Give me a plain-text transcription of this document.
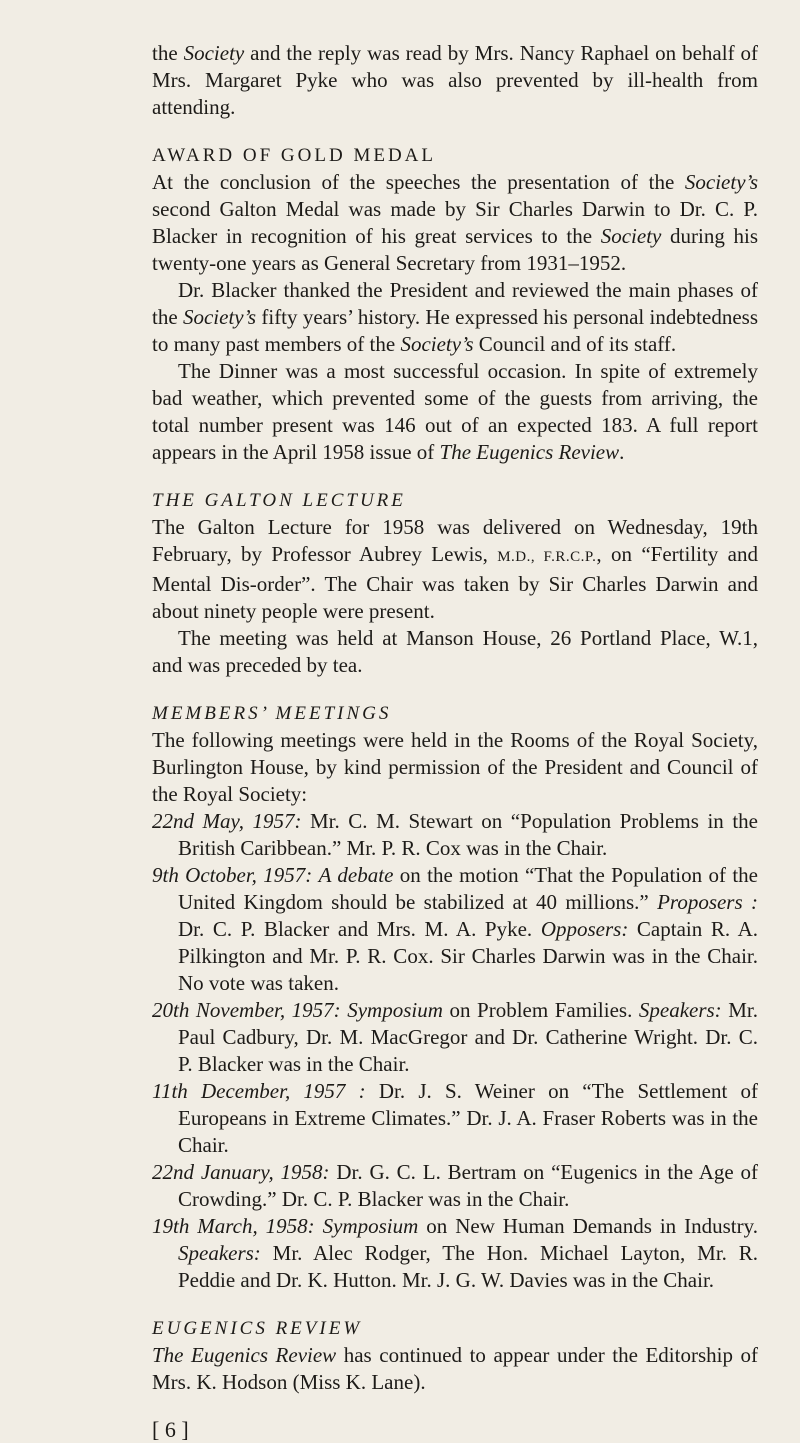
the Society and the reply was read by Mrs. Nancy Raphael on behalf of Mrs. Margaret Pyke who was also prevented by ill-health from attending.

AWARD OF GOLD MEDAL

At the conclusion of the speeches the presentation of the Society’s second Galton Medal was made by Sir Charles Darwin to Dr. C. P. Blacker in recognition of his great services to the Society during his twenty-one years as General Secretary from 1931–1952.

Dr. Blacker thanked the President and reviewed the main phases of the Society’s fifty years’ history. He expressed his personal indebtedness to many past members of the Society’s Council and of its staff.

The Dinner was a most successful occasion. In spite of extremely bad weather, which prevented some of the guests from arriving, the total number present was 146 out of an expected 183. A full report appears in the April 1958 issue of The Eugenics Review.

THE GALTON LECTURE

The Galton Lecture for 1958 was delivered on Wednesday, 19th February, by Professor Aubrey Lewis, M.D., F.R.C.P., on “Fertility and Mental Dis-order”. The Chair was taken by Sir Charles Darwin and about ninety people were present.

The meeting was held at Manson House, 26 Portland Place, W.1, and was preceded by tea.

MEMBERS’ MEETINGS

The following meetings were held in the Rooms of the Royal Society, Burlington House, by kind permission of the President and Council of the Royal Society:

22nd May, 1957: Mr. C. M. Stewart on “Population Problems in the British Caribbean.” Mr. P. R. Cox was in the Chair.

9th October, 1957: A debate on the motion “That the Population of the United Kingdom should be stabilized at 40 millions.” Proposers : Dr. C. P. Blacker and Mrs. M. A. Pyke. Opposers: Captain R. A. Pilkington and Mr. P. R. Cox. Sir Charles Darwin was in the Chair. No vote was taken.

20th November, 1957: Symposium on Problem Families. Speakers: Mr. Paul Cadbury, Dr. M. MacGregor and Dr. Catherine Wright. Dr. C. P. Blacker was in the Chair.

11th December, 1957 : Dr. J. S. Weiner on “The Settlement of Europeans in Extreme Climates.” Dr. J. A. Fraser Roberts was in the Chair.

22nd January, 1958: Dr. G. C. L. Bertram on “Eugenics in the Age of Crowding.” Dr. C. P. Blacker was in the Chair.

19th March, 1958: Symposium on New Human Demands in Industry. Speakers: Mr. Alec Rodger, The Hon. Michael Layton, Mr. R. Peddie and Dr. K. Hutton. Mr. J. G. W. Davies was in the Chair.

EUGENICS REVIEW

The Eugenics Review has continued to appear under the Editorship of Mrs. K. Hodson (Miss K. Lane).

[ 6 ]
